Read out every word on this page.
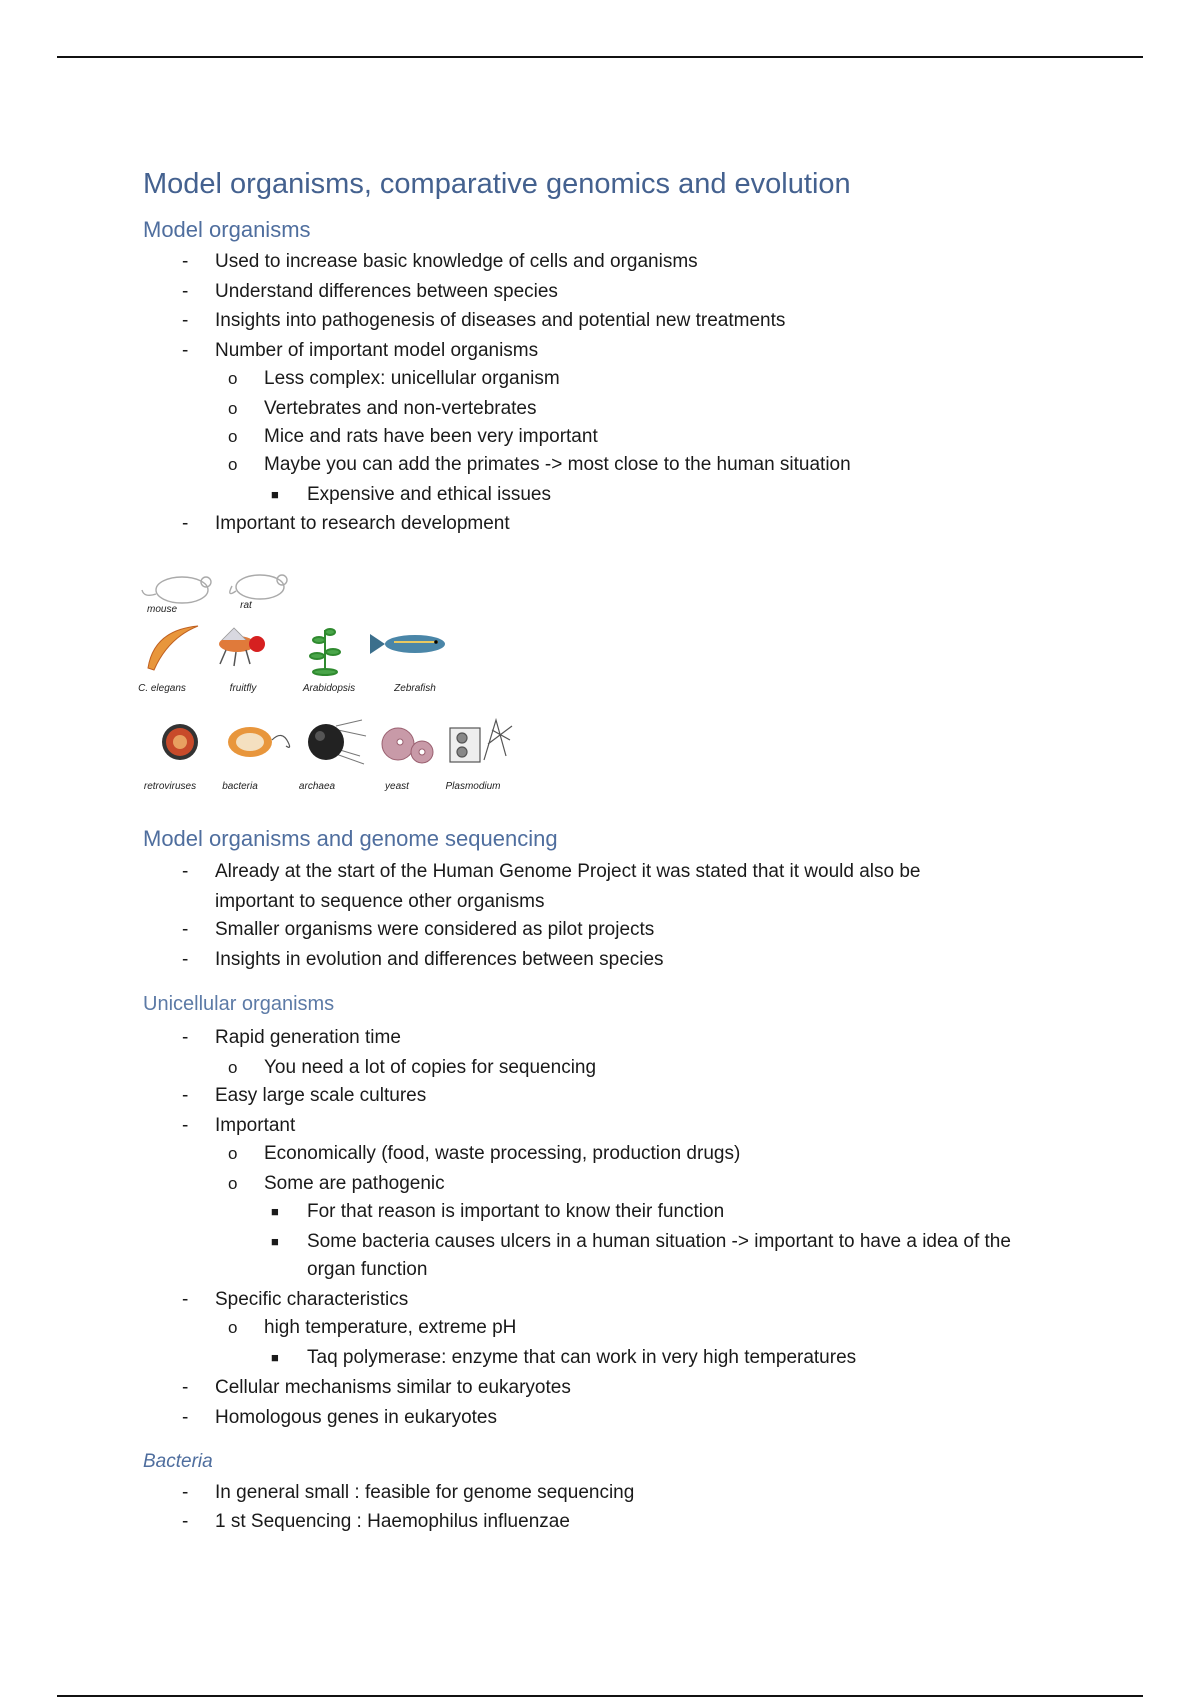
Model organisms, comparative genomics and evolution
Model organisms
- Used to increase basic knowledge of cells and organisms
- Understand differences between species
- Insights into pathogenesis of diseases and potential new treatments
- Number of important model organisms
o Less complex: unicellular organism
o Vertebrates and non-vertebrates
o Mice and rats have been very important
o Maybe you can add the primates -> most close to the human situation
■ Expensive and ethical issues
- Important to research development
mouse	rat
C. elegans	fruitfly	Arabidopsis	Zebrafish
retroviruses	bacteria	archaea	yeast	Plasmodium
Model organisms and genome sequencing
- Already at the start of the Human Genome Project it was stated that it would also be
important to sequence other organisms
- Smaller organisms were considered as pilot projects
- Insights in evolution and differences between species
Unicellular organisms
- Rapid generation time
o You need a lot of copies for sequencing
- Easy large scale cultures
- Important
o Economically (food, waste processing, production drugs)
o Some are pathogenic
■ For that reason is important to know their function
■ Some bacteria causes ulcers in a human situation -> important to have a idea of the
organ function
- Specific characteristics
o high temperature, extreme pH
■ Taq polymerase: enzyme that can work in very high temperatures
- Cellular mechanisms similar to eukaryotes
- Homologous genes in eukaryotes
Bacteria
- In general small : feasible for genome sequencing
- 1 st Sequencing : Haemophilus influenzae
